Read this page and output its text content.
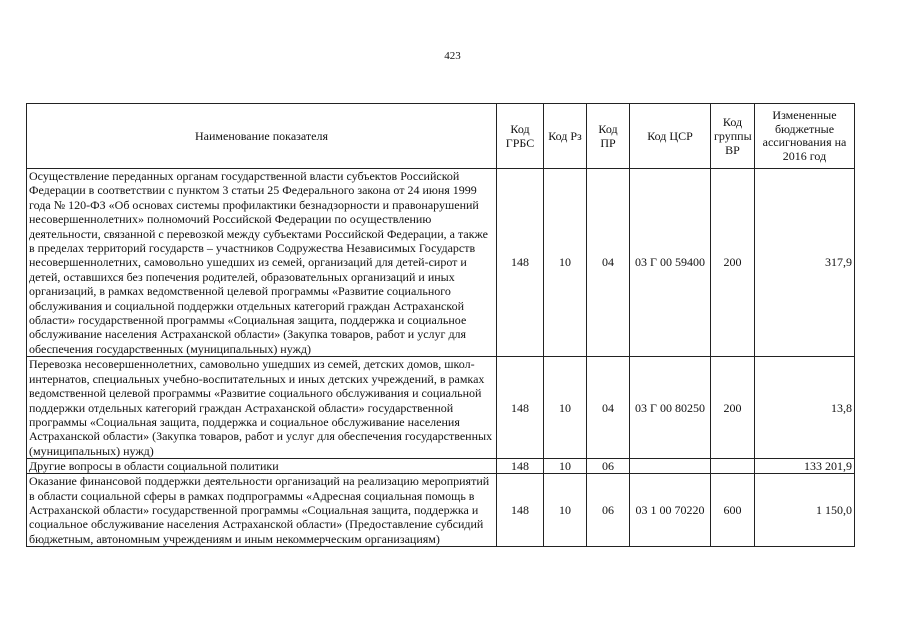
423
Наименование показателя	Код ГРБС	Код Рз	Код ПР	Код ЦСР	Код группы ВР	Измененные бюджетные ассигнования на 2016 год
Осуществление переданных органам государственной власти субъектов Российской Федерации в соответствии с пунктом 3 статьи 25 Федерального закона от 24 июня 1999 года № 120-ФЗ «Об основах системы профилактики безнадзорности и правонарушений несовершеннолетних» полномочий Российской Федерации по осуществлению деятельности, связанной с перевозкой между субъектами Российской Федерации, а также в пределах территорий государств – участников Содружества Независимых Государств несовершеннолетних, самовольно ушедших из семей, организаций для детей-сирот и детей, оставшихся без попечения родителей, образовательных организаций и иных организаций, в рамках ведомственной целевой программы «Развитие социального обслуживания и социальной поддержки отдельных категорий граждан Астраханской области» государственной программы «Социальная защита, поддержка и социальное обслуживание населения Астраханской области» (Закупка товаров, работ и услуг для обеспечения государственных (муниципальных) нужд)	148	10	04	03 Г 00 59400	200	317,9
Перевозка несовершеннолетних, самовольно ушедших из семей, детских домов, школ-интернатов, специальных учебно-воспитательных и иных детских учреждений, в рамках ведомственной целевой программы «Развитие социального обслуживания и социальной поддержки отдельных категорий граждан Астраханской области» государственной программы «Социальная защита, поддержка и социальное обслуживание населения Астраханской области» (Закупка товаров, работ и услуг для обеспечения государственных (муниципальных) нужд)	148	10	04	03 Г 00 80250	200	13,8
Другие вопросы в области социальной политики	148	10	06			133 201,9
Оказание финансовой поддержки деятельности организаций на реализацию мероприятий в области социальной сферы в рамках подпрограммы «Адресная социальная помощь в Астраханской области» государственной программы «Социальная защита, поддержка и социальное обслуживание населения Астраханской области» (Предоставление субсидий бюджетным, автономным учреждениям и иным некоммерческим организациям)	148	10	06	03 1 00 70220	600	1 150,0
